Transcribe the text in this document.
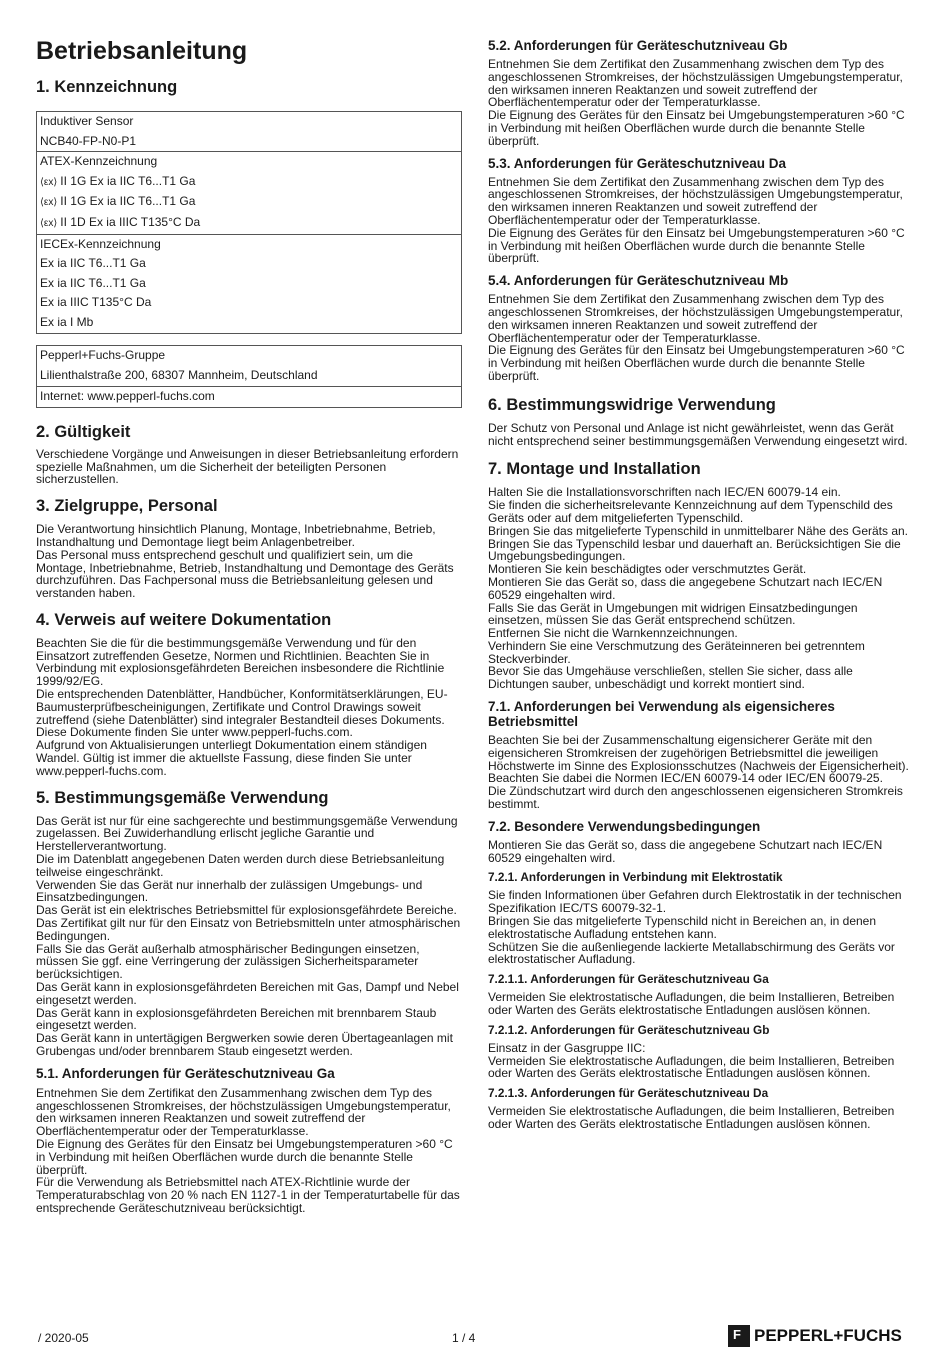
Betriebsanleitung
1. Kennzeichnung
Induktiver Sensor
NCB40-FP-N0-P1
ATEX-Kennzeichnung
⟨εx⟩ II 1G Ex ia IIC T6...T1 Ga
⟨εx⟩ II 1G Ex ia IIC T6...T1 Ga
⟨εx⟩ II 1D Ex ia IIIC T135°C Da
IECEx-Kennzeichnung
Ex ia IIC T6...T1 Ga
Ex ia IIC T6...T1 Ga
Ex ia IIIC T135°C Da
Ex ia I Mb
Pepperl+Fuchs-Gruppe
Lilienthalstraße 200, 68307 Mannheim, Deutschland
Internet: www.pepperl-fuchs.com
2. Gültigkeit

Verschiedene Vorgänge und Anweisungen in dieser Betriebsanleitung erfordern spezielle Maßnahmen, um die Sicherheit der beteiligten Personen sicherzustellen.

3. Zielgruppe, Personal

Die Verantwortung hinsichtlich Planung, Montage, Inbetriebnahme, Betrieb, Instandhaltung und Demontage liegt beim Anlagenbetreiber.

Das Personal muss entsprechend geschult und qualifiziert sein, um die Montage, Inbetriebnahme, Betrieb, Instandhaltung und Demontage des Geräts durchzuführen. Das Fachpersonal muss die Betriebsanleitung gelesen und verstanden haben.

4. Verweis auf weitere Dokumentation

Beachten Sie die für die bestimmungsgemäße Verwendung und für den Einsatzort zutreffenden Gesetze, Normen und Richtlinien. Beachten Sie in Verbindung mit explosionsgefährdeten Bereichen insbesondere die Richtlinie 1999/92/EG.

Die entsprechenden Datenblätter, Handbücher, Konformitätserklärungen, EU-Baumusterprüfbescheinigungen, Zertifikate und Control Drawings soweit zutreffend (siehe Datenblätter) sind integraler Bestandteil dieses Dokuments. Diese Dokumente finden Sie unter www.pepperl-fuchs.com.

Aufgrund von Aktualisierungen unterliegt Dokumentation einem ständigen Wandel. Gültig ist immer die aktuellste Fassung, diese finden Sie unter www.pepperl-fuchs.com.

5. Bestimmungsgemäße Verwendung

Das Gerät ist nur für eine sachgerechte und bestimmungsgemäße Verwendung zugelassen. Bei Zuwiderhandlung erlischt jegliche Garantie und Herstellerverantwortung.

Die im Datenblatt angegebenen Daten werden durch diese Betriebsanleitung teilweise eingeschränkt.

Verwenden Sie das Gerät nur innerhalb der zulässigen Umgebungs- und Einsatzbedingungen.

Das Gerät ist ein elektrisches Betriebsmittel für explosionsgefährdete Bereiche.

Das Zertifikat gilt nur für den Einsatz von Betriebsmitteln unter atmosphärischen Bedingungen.

Falls Sie das Gerät außerhalb atmosphärischer Bedingungen einsetzen, müssen Sie ggf. eine Verringerung der zulässigen Sicherheitsparameter berücksichtigen.

Das Gerät kann in explosionsgefährdeten Bereichen mit Gas, Dampf und Nebel eingesetzt werden.

Das Gerät kann in explosionsgefährdeten Bereichen mit brennbarem Staub eingesetzt werden.

Das Gerät kann in untertägigen Bergwerken sowie deren Übertageanlagen mit Grubengas und/oder brennbarem Staub eingesetzt werden.

5.1. Anforderungen für Geräteschutzniveau Ga

Entnehmen Sie dem Zertifikat den Zusammenhang zwischen dem Typ des angeschlossenen Stromkreises, der höchstzulässigen Umgebungstemperatur, den wirksamen inneren Reaktanzen und soweit zutreffend der Oberflächentemperatur oder der Temperaturklasse.

Die Eignung des Gerätes für den Einsatz bei Umgebungstemperaturen >60 °C in Verbindung mit heißen Oberflächen wurde durch die benannte Stelle überprüft.

Für die Verwendung als Betriebsmittel nach ATEX-Richtlinie wurde der Temperaturabschlag von 20 % nach EN 1127-1 in der Temperaturtabelle für das entsprechende Geräteschutzniveau berücksichtigt.

5.2. Anforderungen für Geräteschutzniveau Gb

Entnehmen Sie dem Zertifikat den Zusammenhang zwischen dem Typ des angeschlossenen Stromkreises, der höchstzulässigen Umgebungstemperatur, den wirksamen inneren Reaktanzen und soweit zutreffend der Oberflächentemperatur oder der Temperaturklasse.

Die Eignung des Gerätes für den Einsatz bei Umgebungstemperaturen >60 °C in Verbindung mit heißen Oberflächen wurde durch die benannte Stelle überprüft.

5.3. Anforderungen für Geräteschutzniveau Da

Entnehmen Sie dem Zertifikat den Zusammenhang zwischen dem Typ des angeschlossenen Stromkreises, der höchstzulässigen Umgebungstemperatur, den wirksamen inneren Reaktanzen und soweit zutreffend der Oberflächentemperatur oder der Temperaturklasse.

Die Eignung des Gerätes für den Einsatz bei Umgebungstemperaturen >60 °C in Verbindung mit heißen Oberflächen wurde durch die benannte Stelle überprüft.

5.4. Anforderungen für Geräteschutzniveau Mb

Entnehmen Sie dem Zertifikat den Zusammenhang zwischen dem Typ des angeschlossenen Stromkreises, der höchstzulässigen Umgebungstemperatur, den wirksamen inneren Reaktanzen und soweit zutreffend der Oberflächentemperatur oder der Temperaturklasse.

Die Eignung des Gerätes für den Einsatz bei Umgebungstemperaturen >60 °C in Verbindung mit heißen Oberflächen wurde durch die benannte Stelle überprüft.

6. Bestimmungswidrige Verwendung

Der Schutz von Personal und Anlage ist nicht gewährleistet, wenn das Gerät nicht entsprechend seiner bestimmungsgemäßen Verwendung eingesetzt wird.

7. Montage und Installation

Halten Sie die Installationsvorschriften nach IEC/EN 60079-14 ein.

Sie finden die sicherheitsrelevante Kennzeichnung auf dem Typenschild des Geräts oder auf dem mitgelieferten Typenschild.

Bringen Sie das mitgelieferte Typenschild in unmittelbarer Nähe des Geräts an. Bringen Sie das Typenschild lesbar und dauerhaft an. Berücksichtigen Sie die Umgebungsbedingungen.

Montieren Sie kein beschädigtes oder verschmutztes Gerät.

Montieren Sie das Gerät so, dass die angegebene Schutzart nach IEC/EN 60529 eingehalten wird.

Falls Sie das Gerät in Umgebungen mit widrigen Einsatzbedingungen einsetzen, müssen Sie das Gerät entsprechend schützen.

Entfernen Sie nicht die Warnkennzeichnungen.

Verhindern Sie eine Verschmutzung des Geräteinneren bei getrenntem Steckverbinder.

Bevor Sie das Umgehäuse verschließen, stellen Sie sicher, dass alle Dichtungen sauber, unbeschädigt und korrekt montiert sind.

7.1. Anforderungen bei Verwendung als eigensicheres Betriebsmittel

Beachten Sie bei der Zusammenschaltung eigensicherer Geräte mit den eigensicheren Stromkreisen der zugehörigen Betriebsmittel die jeweiligen Höchstwerte im Sinne des Explosionsschutzes (Nachweis der Eigensicherheit). Beachten Sie dabei die Normen IEC/EN 60079-14 oder IEC/EN 60079-25.

Die Zündschutzart wird durch den angeschlossenen eigensicheren Stromkreis bestimmt.

7.2. Besondere Verwendungsbedingungen

Montieren Sie das Gerät so, dass die angegebene Schutzart nach IEC/EN 60529 eingehalten wird.

7.2.1. Anforderungen in Verbindung mit Elektrostatik

Sie finden Informationen über Gefahren durch Elektrostatik in der technischen Spezifikation IEC/TS 60079-32-1.

Bringen Sie das mitgelieferte Typenschild nicht in Bereichen an, in denen elektrostatische Aufladung entstehen kann.

Schützen Sie die außenliegende lackierte Metallabschirmung des Geräts vor elektrostatischer Aufladung.

7.2.1.1. Anforderungen für Geräteschutzniveau Ga

Vermeiden Sie elektrostatische Aufladungen, die beim Installieren, Betreiben oder Warten des Geräts elektrostatische Entladungen auslösen können.

7.2.1.2. Anforderungen für Geräteschutzniveau Gb

Einsatz in der Gasgruppe IIC:

Vermeiden Sie elektrostatische Aufladungen, die beim Installieren, Betreiben oder Warten des Geräts elektrostatische Entladungen auslösen können.

7.2.1.3. Anforderungen für Geräteschutzniveau Da

Vermeiden Sie elektrostatische Aufladungen, die beim Installieren, Betreiben oder Warten des Geräts elektrostatische Entladungen auslösen können.

/ 2020-05	1 / 4	F PEPPERL+FUCHS
